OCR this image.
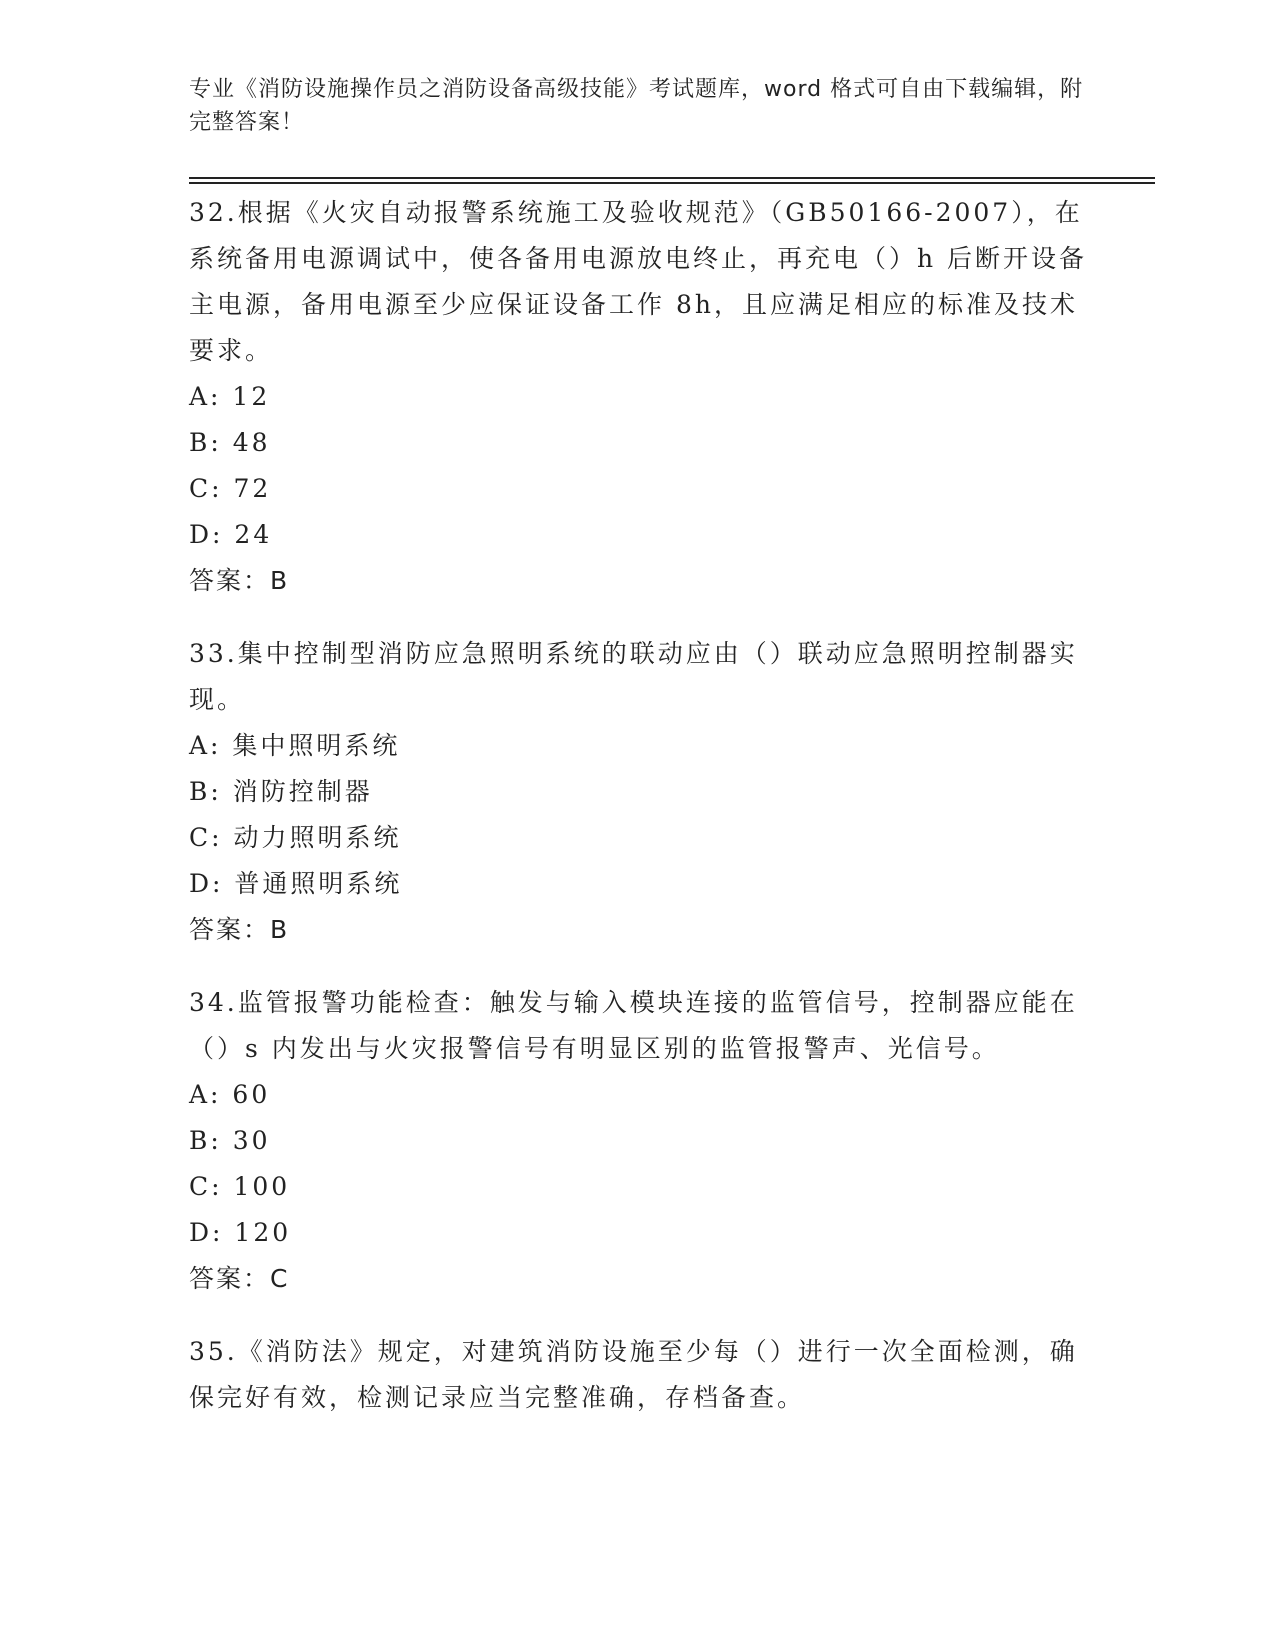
专业《消防设施操作员之消防设备高级技能》考试题库，word 格式可自由下载编辑，附完整答案！

32.根据《火灾自动报警系统施工及验收规范》（GB50166-2007），在系统备用电源调试中，使各备用电源放电终止，再充电（）h 后断开设备主电源，备用电源至少应保证设备工作 8h，且应满足相应的标准及技术要求。

A: 12

B: 48

C: 72

D: 24

答案：B

33.集中控制型消防应急照明系统的联动应由（）联动应急照明控制器实现。

A: 集中照明系统

B: 消防控制器

C: 动力照明系统

D: 普通照明系统

答案：B

34.监管报警功能检查：触发与输入模块连接的监管信号，控制器应能在（）s 内发出与火灾报警信号有明显区别的监管报警声、光信号。

A: 60

B: 30

C: 100

D: 120

答案：C

35.《消防法》规定，对建筑消防设施至少每（）进行一次全面检测，确保完好有效，检测记录应当完整准确，存档备查。
